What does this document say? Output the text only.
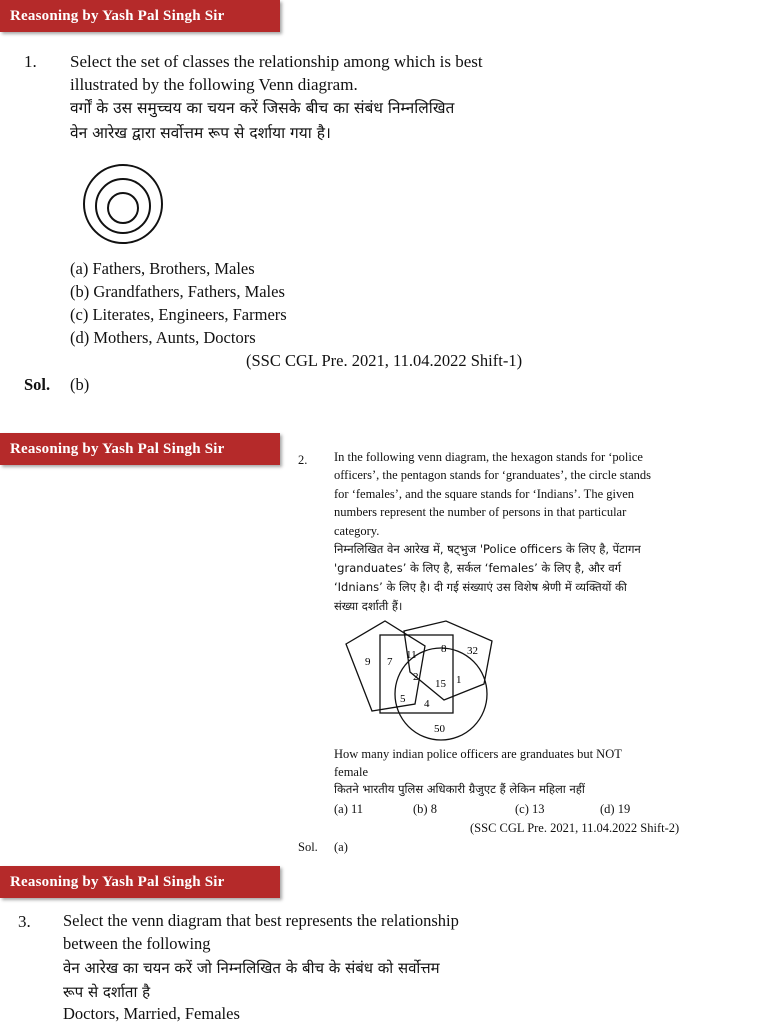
Reasoning by Yash Pal Singh Sir
1. Select the set of classes the relationship among which is best
illustrated by the following Venn diagram.
वर्गों के उस समुच्चय का चयन करें जिसके बीच का संबंध निम्नलिखित
वेन आरेख द्वारा सर्वोत्तम रूप से दर्शाया गया है।
(a) Fathers, Brothers, Males
(b) Grandfathers, Fathers, Males
(c) Literates, Engineers, Farmers
(d) Mothers, Aunts, Doctors
(SSC CGL Pre. 2021, 11.04.2022 Shift-1)
Sol. (b)
Reasoning by Yash Pal Singh Sir
2. In the following venn diagram, the hexagon stands for ‘police
officers’, the pentagon stands for ‘granduates’, the circle stands
for ‘females’, and the square stands for ‘Indians’. The given
numbers represent the number of persons in that particular
category.
निम्नलिखित वेन आरेख में, षट्भुज 'Police officers के लिए है, पेंटागन
'granduates’ के लिए है, सर्कल ‘females’ के लिए है, और वर्ग
‘Idnians’ के लिए है। दी गई संख्याएं उस विशेष श्रेणी में व्यक्तियों की
संख्या दर्शाती हैं।
9 7
11 8 32
2
15 1
5 4
50
How many indian police officers are granduates but NOT
female
कितने भारतीय पुलिस अधिकारी ग्रैजुएट हैं लेकिन महिला नहीं
(a) 11	(b) 8	(c) 13	(d) 19
(SSC CGL Pre. 2021, 11.04.2022 Shift-2)
Sol. (a)
Reasoning by Yash Pal Singh Sir
3. Select the venn diagram that best represents the relationship
between the following
वेन आरेख का चयन करें जो निम्नलिखित के बीच के संबंध को सर्वोत्तम
रूप से दर्शाता है
Doctors, Married, Females
